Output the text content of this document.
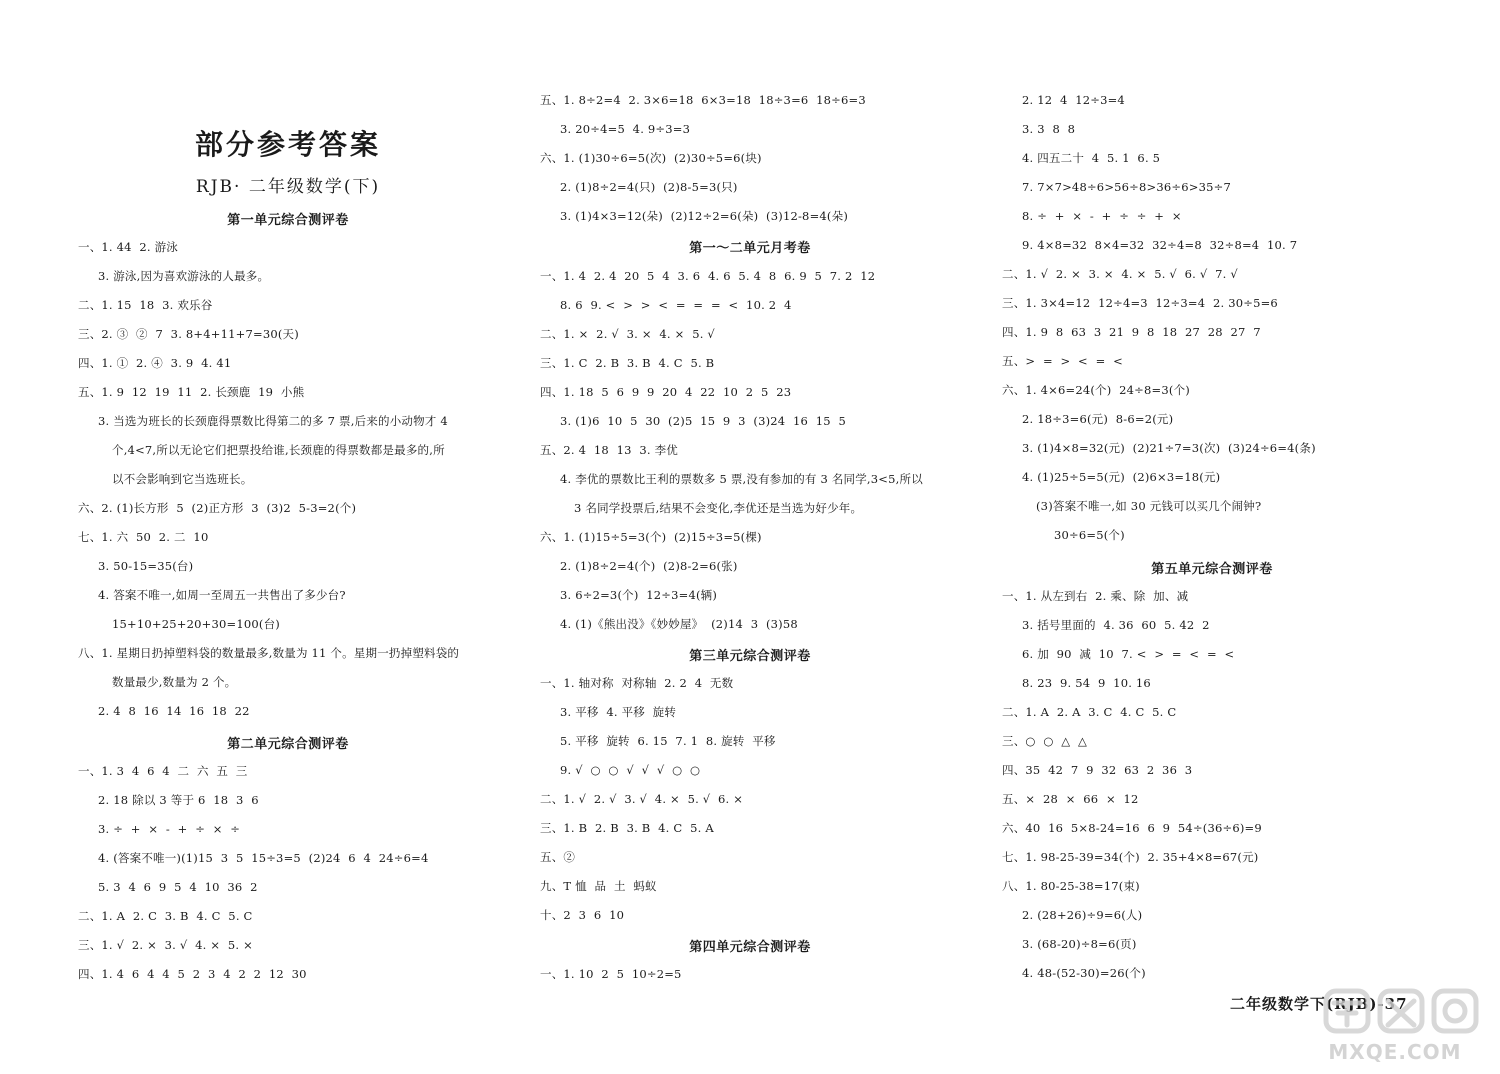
部分参考答案
RJB· 二年级数学(下)
第一单元综合测评卷
一、1. 44  2. 游泳
3. 游泳,因为喜欢游泳的人最多。
二、1. 15  18  3. 欢乐谷
三、2. ③  ②  7  3. 8+4+11+7=30(天)
四、1. ①  2. ④  3. 9  4. 41
五、1. 9  12  19  11  2. 长颈鹿  19  小熊
3. 当选为班长的长颈鹿得票数比得第二的多 7 票,后来的小动物才 4
个,4<7,所以无论它们把票投给谁,长颈鹿的得票数都是最多的,所
以不会影响到它当选班长。
六、2. (1)长方形  5  (2)正方形  3  (3)2  5-3=2(个)
七、1. 六  50  2. 二  10
3. 50-15=35(台)
4. 答案不唯一,如周一至周五一共售出了多少台?
15+10+25+20+30=100(台)
八、1. 星期日扔掉塑料袋的数量最多,数量为 11 个。星期一扔掉塑料袋的
数量最少,数量为 2 个。
2. 4  8  16  14  16  18  22
第二单元综合测评卷
一、1. 3  4  6  4  二  六  五  三
2. 18 除以 3 等于 6  18  3  6
3. ÷  +  ×  -  +  ÷  ×  ÷
4. (答案不唯一)(1)15  3  5  15÷3=5  (2)24  6  4  24÷6=4
5. 3  4  6  9  5  4  10  36  2
二、1. A  2. C  3. B  4. C  5. C
三、1. √  2. ×  3. √  4. ×  5. ×
四、1. 4  6  4  4  5  2  3  4  2  2  12  30
五、1. 8÷2=4  2. 3×6=18  6×3=18  18÷3=6  18÷6=3
3. 20÷4=5  4. 9÷3=3
六、1. (1)30÷6=5(次)  (2)30÷5=6(块)
2. (1)8÷2=4(只)  (2)8-5=3(只)
3. (1)4×3=12(朵)  (2)12÷2=6(朵)  (3)12-8=4(朵)
第一～二单元月考卷
一、1. 4  2. 4  20  5  4  3. 6  4. 6  5. 4  8  6. 9  5  7. 2  12
8. 6  9. <  >  >  <  =  =  =  <  10. 2  4
二、1. ×  2. √  3. ×  4. ×  5. √
三、1. C  2. B  3. B  4. C  5. B
四、1. 18  5  6  9  9  20  4  22  10  2  5  23
3. (1)6  10  5  30  (2)5  15  9  3  (3)24  16  15  5
五、2. 4  18  13  3. 李优
4. 李优的票数比王利的票数多 5 票,没有参加的有 3 名同学,3<5,所以
3 名同学投票后,结果不会变化,李优还是当选为好少年。
六、1. (1)15÷5=3(个)  (2)15÷3=5(棵)
2. (1)8÷2=4(个)  (2)8-2=6(张)
3. 6÷2=3(个)  12÷3=4(辆)
4. (1)《熊出没》《妙妙屋》  (2)14  3  (3)58
第三单元综合测评卷
一、1. 轴对称  对称轴  2. 2  4  无数
3. 平移  4. 平移  旋转
5. 平移  旋转  6. 15  7. 1  8. 旋转  平移
9. √  ○  ○  √  √  √  ○  ○
二、1. √  2. √  3. √  4. ×  5. √  6. ×
三、1. B  2. B  3. B  4. C  5. A
五、②
九、T 恤  品  土  蚂蚁
十、2  3  6  10
第四单元综合测评卷
一、1. 10  2  5  10÷2=5
2. 12  4  12÷3=4
3. 3  8  8
4. 四五二十  4  5. 1  6. 5
7. 7×7>48÷6>56÷8>36÷6>35÷7
8. ÷  +  ×  -  +  ÷  ÷  +  ×
9. 4×8=32  8×4=32  32÷4=8  32÷8=4  10. 7
二、1. √  2. ×  3. ×  4. ×  5. √  6. √  7. √
三、1. 3×4=12  12÷4=3  12÷3=4  2. 30÷5=6
四、1. 9  8  63  3  21  9  8  18  27  28  27  7
五、>  =  >  <  =  <
六、1. 4×6=24(个)  24÷8=3(个)
2. 18÷3=6(元)  8-6=2(元)
3. (1)4×8=32(元)  (2)21÷7=3(次)  (3)24÷6=4(条)
4. (1)25÷5=5(元)  (2)6×3=18(元)
(3)答案不唯一,如 30 元钱可以买几个闹钟?
30÷6=5(个)
第五单元综合测评卷
一、1. 从左到右  2. 乘、除  加、减
3. 括号里面的  4. 36  60  5. 42  2
6. 加  90  减  10  7. <  >  =  <  =  <
8. 23  9. 54  9  10. 16
二、1. A  2. A  3. C  4. C  5. C
三、○  ○  △  △
四、35  42  7  9  32  63  2  36  3
五、×  28  ×  66  ×  12
六、40  16  5×8-24=16  6  9  54÷(36÷6)=9
七、1. 98-25-39=34(个)  2. 35+4×8=67(元)
八、1. 80-25-38=17(束)
2. (28+26)÷9=6(人)
3. (68-20)÷8=6(页)
4. 48-(52-30)=26(个)
二年级数学下(RJB)-37
MXQE.COM
